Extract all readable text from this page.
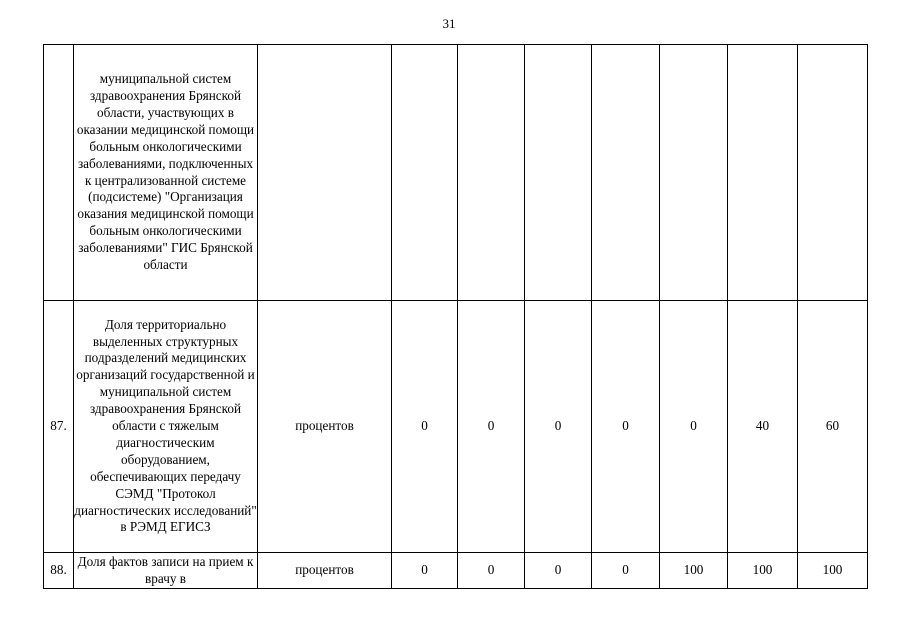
31
	муниципальной систем здравоохранения Брянской области, участвующих в оказании медицинской помощи больным онкологическими заболеваниями, подключенных к централизованной системе (подсистеме) "Организация оказания медицинской помощи больным онкологическими заболеваниями" ГИС Брянской области								
87.	Доля территориально выделенных структурных подразделений медицинских организаций государственной и муниципальной систем здравоохранения Брянской области с тяжелым диагностическим оборудованием, обеспечивающих передачу СЭМД "Протокол диагностических исследований" в РЭМД ЕГИСЗ	процентов	0	0	0	0	0	40	60
88.	Доля фактов записи на прием к врачу в	процентов	0	0	0	0	100	100	100
